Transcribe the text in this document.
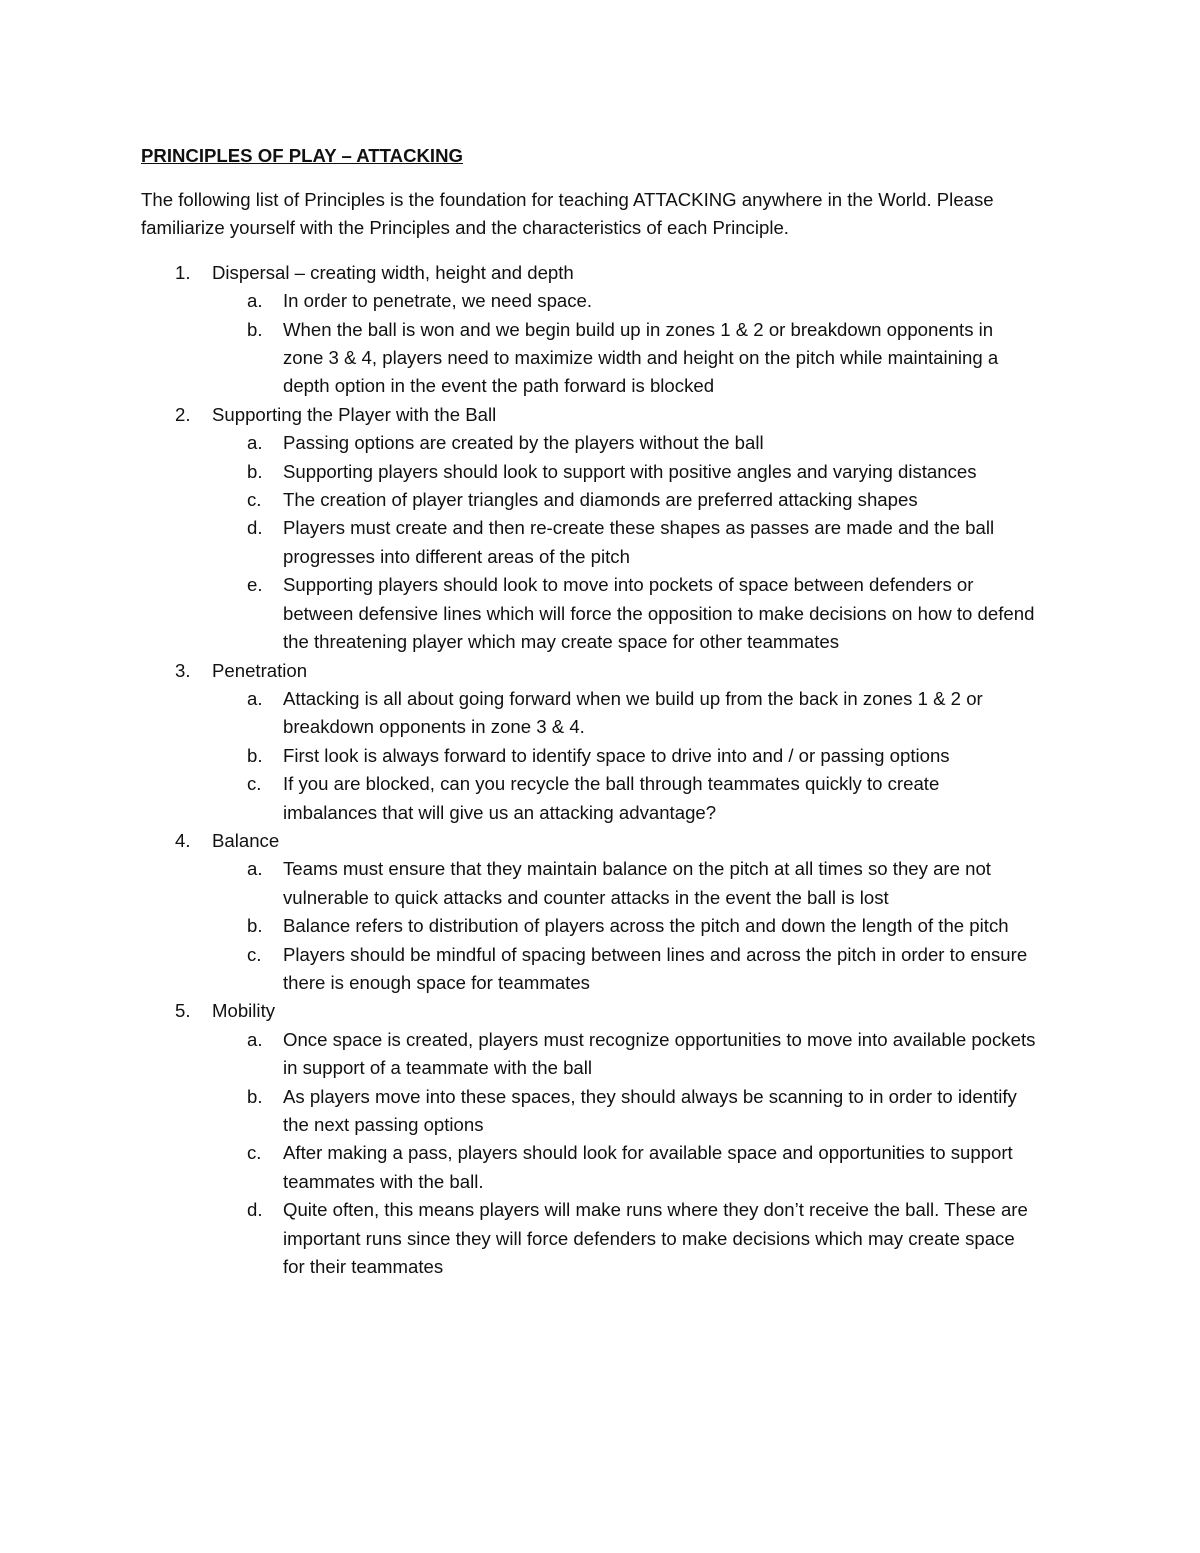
PRINCIPLES OF PLAY – ATTACKING
The following list of Principles is the foundation for teaching ATTACKING anywhere in the World. Please familiarize yourself with the Principles and the characteristics of each Principle.
1.	Dispersal – creating width, height and depth
a.	In order to penetrate, we need space.
b.	When the ball is won and we begin build up in zones 1 & 2 or breakdown opponents in zone 3 & 4, players need to maximize width and height on the pitch while maintaining a depth option in the event the path forward is blocked
2.	Supporting the Player with the Ball
a.	Passing options are created by the players without the ball
b.	Supporting players should look to support with positive angles and varying distances
c.	The creation of player triangles and diamonds are preferred attacking shapes
d.	Players must create and then re-create these shapes as passes are made and the ball progresses into different areas of the pitch
e.	Supporting players should look to move into pockets of space between defenders or between defensive lines which will force the opposition to make decisions on how to defend the threatening player which may create space for other teammates
3.	Penetration
a.	Attacking is all about going forward when we build up from the back in zones 1 & 2 or breakdown opponents in zone 3 & 4.
b.	First look is always forward to identify space to drive into and / or passing options
c.	If you are blocked, can you recycle the ball through teammates quickly to create imbalances that will give us an attacking advantage?
4.	Balance
a.	Teams must ensure that they maintain balance on the pitch at all times so they are not vulnerable to quick attacks and counter attacks in the event the ball is lost
b.	Balance refers to distribution of players across the pitch and down the length of the pitch
c.	Players should be mindful of spacing between lines and across the pitch in order to ensure there is enough space for teammates
5.	Mobility
a.	Once space is created, players must recognize opportunities to move into available pockets in support of a teammate with the ball
b.	As players move into these spaces, they should always be scanning to in order to identify the next passing options
c.	After making a pass, players should look for available space and opportunities to support teammates with the ball.
d.	Quite often, this means players will make runs where they don’t receive the ball. These are important runs since they will force defenders to make decisions which may create space for their teammates
